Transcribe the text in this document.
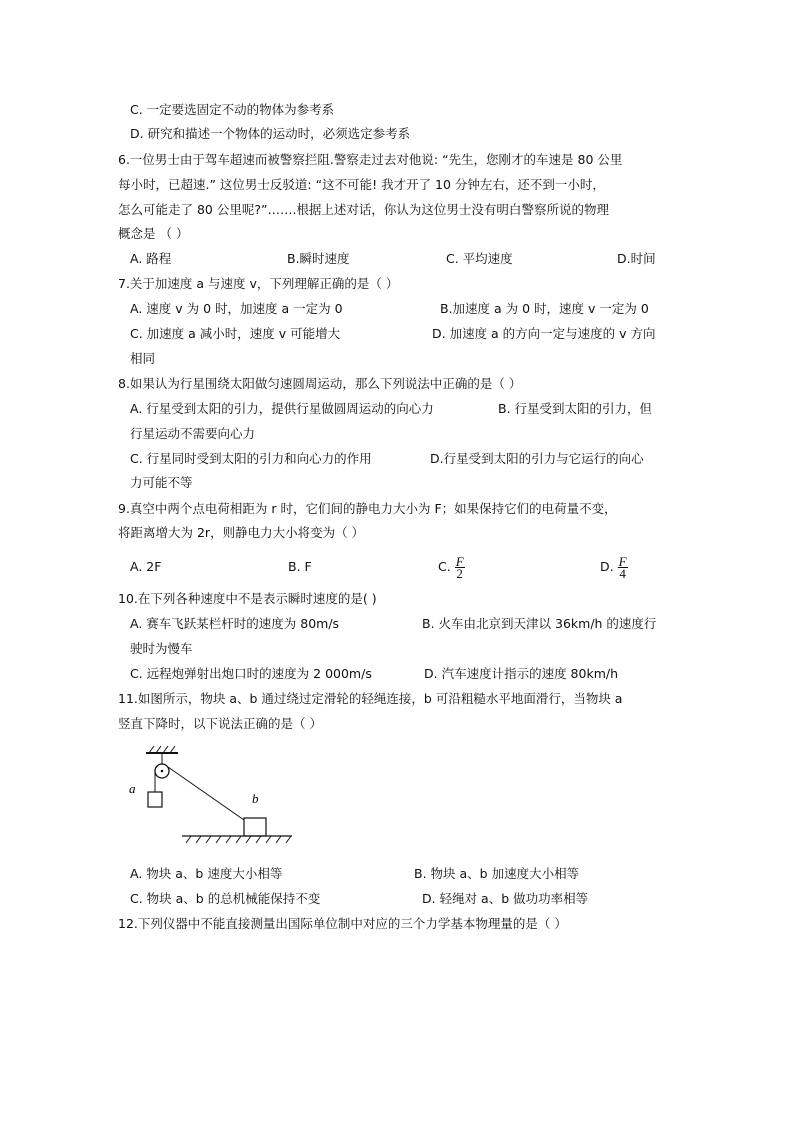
C. 一定要选固定不动的物体为参考系
D. 研究和描述一个物体的运动时，必须选定参考系
6.一位男士由于驾车超速而被警察拦阻.警察走过去对他说: “先生，您刚才的车速是 80 公里
每小时，已超速.” 这位男士反驳道: “这不可能! 我才开了 10 分钟左右，还不到一小时，
怎么可能走了 80 公里呢?”…….根据上述对话，你认为这位男士没有明白警察所说的物理
概念是 （ ）
A. 路程	B.瞬时速度	C. 平均速度	D.时间
7.关于加速度 a 与速度 v，下列理解正确的是（ ）
A. 速度 v 为 0 时，加速度 a 一定为 0	B.加速度 a 为 0 时，速度 v 一定为 0
C. 加速度 a 减小时，速度 v 可能增大	D. 加速度 a 的方向一定与速度的 v 方向
相同
8.如果认为行星围绕太阳做匀速圆周运动，那么下列说法中正确的是（ ）
A. 行星受到太阳的引力，提供行星做圆周运动的向心力	B. 行星受到太阳的引力，但
行星运动不需要向心力
C. 行星同时受到太阳的引力和向心力的作用	D.行星受到太阳的引力与它运行的向心
力可能不等
9.真空中两个点电荷相距为 r 时，它们间的静电力大小为 F；如果保持它们的电荷量不变，
将距离增大为 2r，则静电力大小将变为（ ）
A. 2F	B. F	C. $\frac{F}{2}$	D. $\frac{F}{4}$
10.在下列各种速度中不是表示瞬时速度的是( )
A. 赛车飞跃某栏杆时的速度为 80m/s	B. 火车由北京到天津以 36km/h 的速度行
驶时为慢车
C. 远程炮弹射出炮口时的速度为 2 000m/s	D. 汽车速度计指示的速度 80km/h
11.如图所示，物块 a、b 通过绕过定滑轮的轻绳连接，b 可沿粗糙水平地面滑行，当物块 a
竖直下降时，以下说法正确的是（ ）
a
b
A. 物块 a、b 速度大小相等	B. 物块 a、b 加速度大小相等
C. 物块 a、b 的总机械能保持不变	D. 轻绳对 a、b 做功功率相等
12.下列仪器中不能直接测量出国际单位制中对应的三个力学基本物理量的是（ ）
